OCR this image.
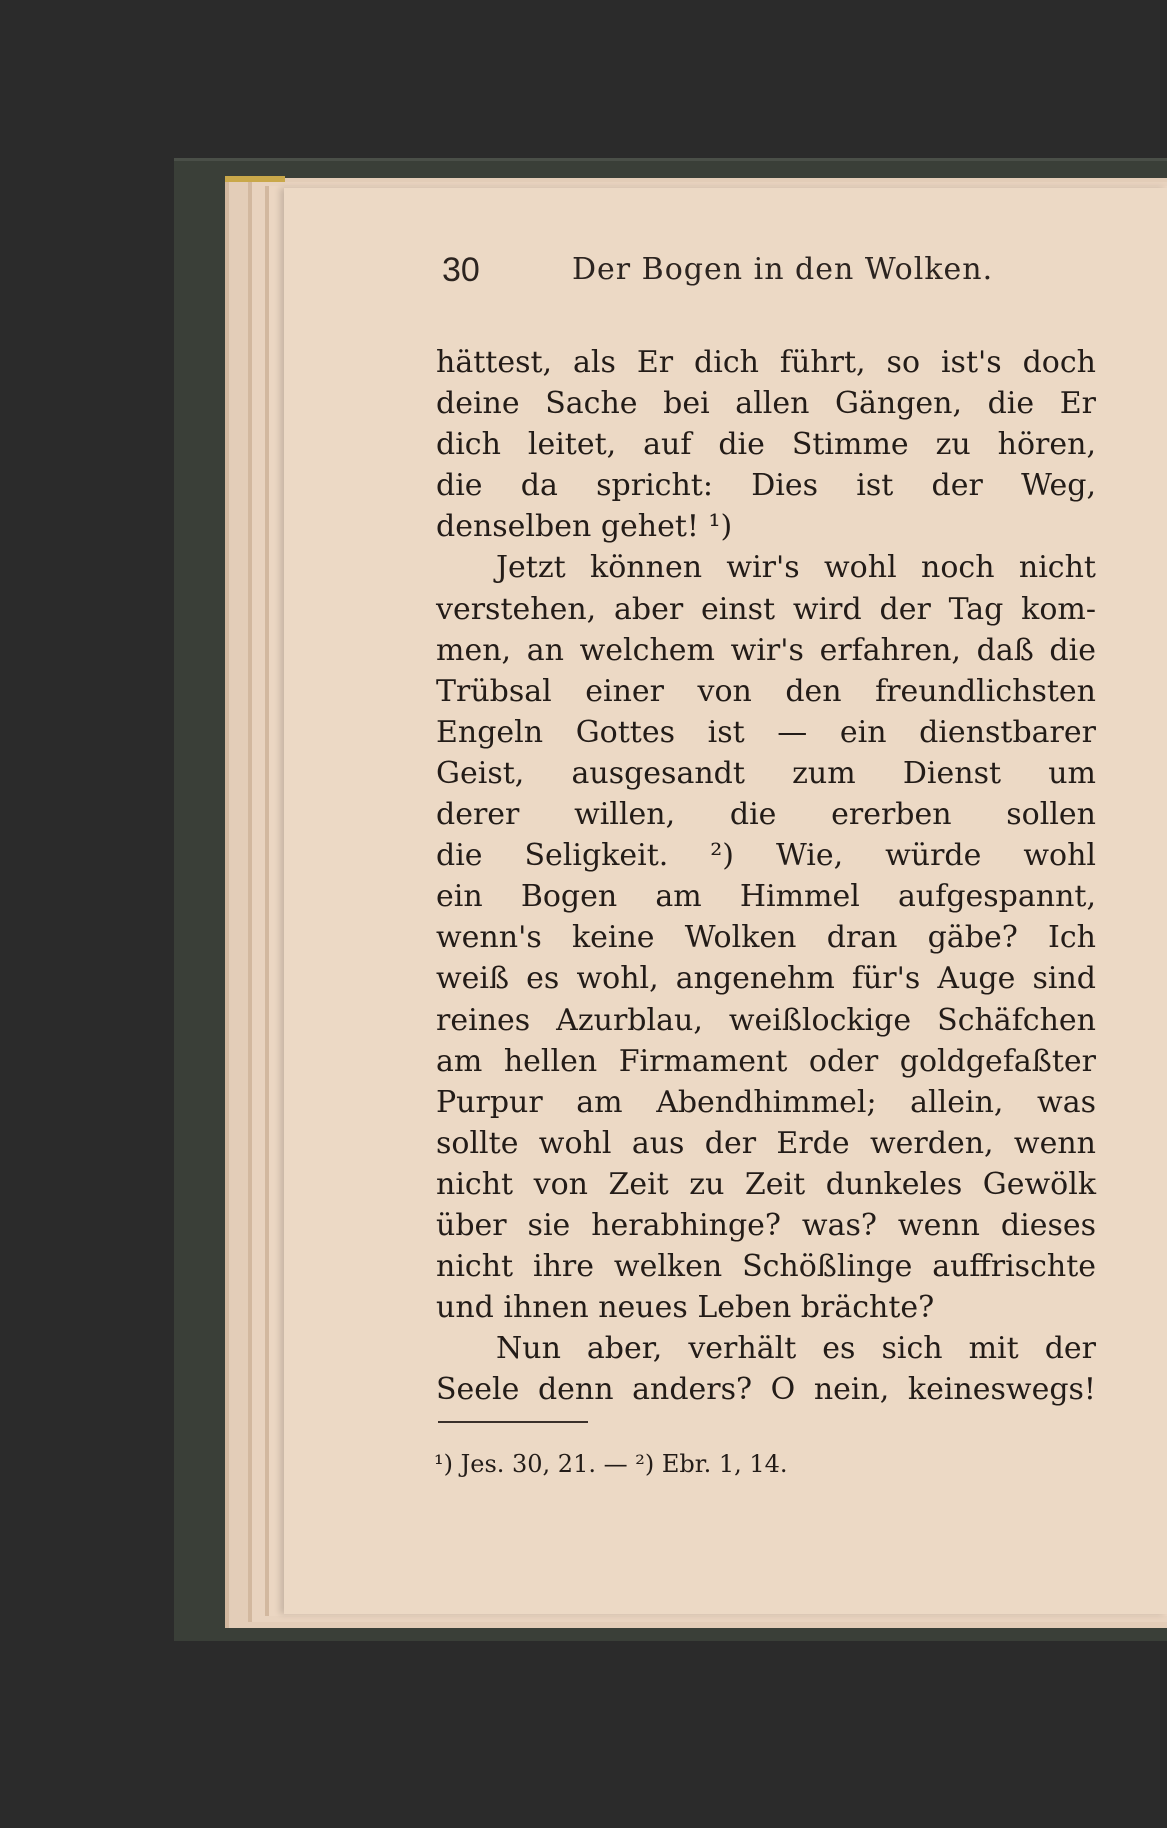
30	Der Bogen in den Wolken.
hättest, als Er dich führt, so ist's doch
deine Sache bei allen Gängen, die Er
dich leitet, auf die Stimme zu hören,
die da spricht: Dies ist der Weg,
denselben gehet! ¹)
Jetzt können wir's wohl noch nicht
verstehen, aber einst wird der Tag kom-
men, an welchem wir's erfahren, daß die
Trübsal einer von den freundlichsten
Engeln Gottes ist — ein dienstbarer
Geist, ausgesandt zum Dienst um
derer willen, die ererben sollen
die Seligkeit. ²) Wie, würde wohl
ein Bogen am Himmel aufgespannt,
wenn's keine Wolken dran gäbe? Ich
weiß es wohl, angenehm für's Auge sind
reines Azurblau, weißlockige Schäfchen
am hellen Firmament oder goldgefaßter
Purpur am Abendhimmel; allein, was
sollte wohl aus der Erde werden, wenn
nicht von Zeit zu Zeit dunkeles Gewölk
über sie herabhinge? was? wenn dieses
nicht ihre welken Schößlinge auffrischte
und ihnen neues Leben brächte?
Nun aber, verhält es sich mit der
Seele denn anders? O nein, keineswegs!
¹) Jes. 30, 21. — ²) Ebr. 1, 14.
